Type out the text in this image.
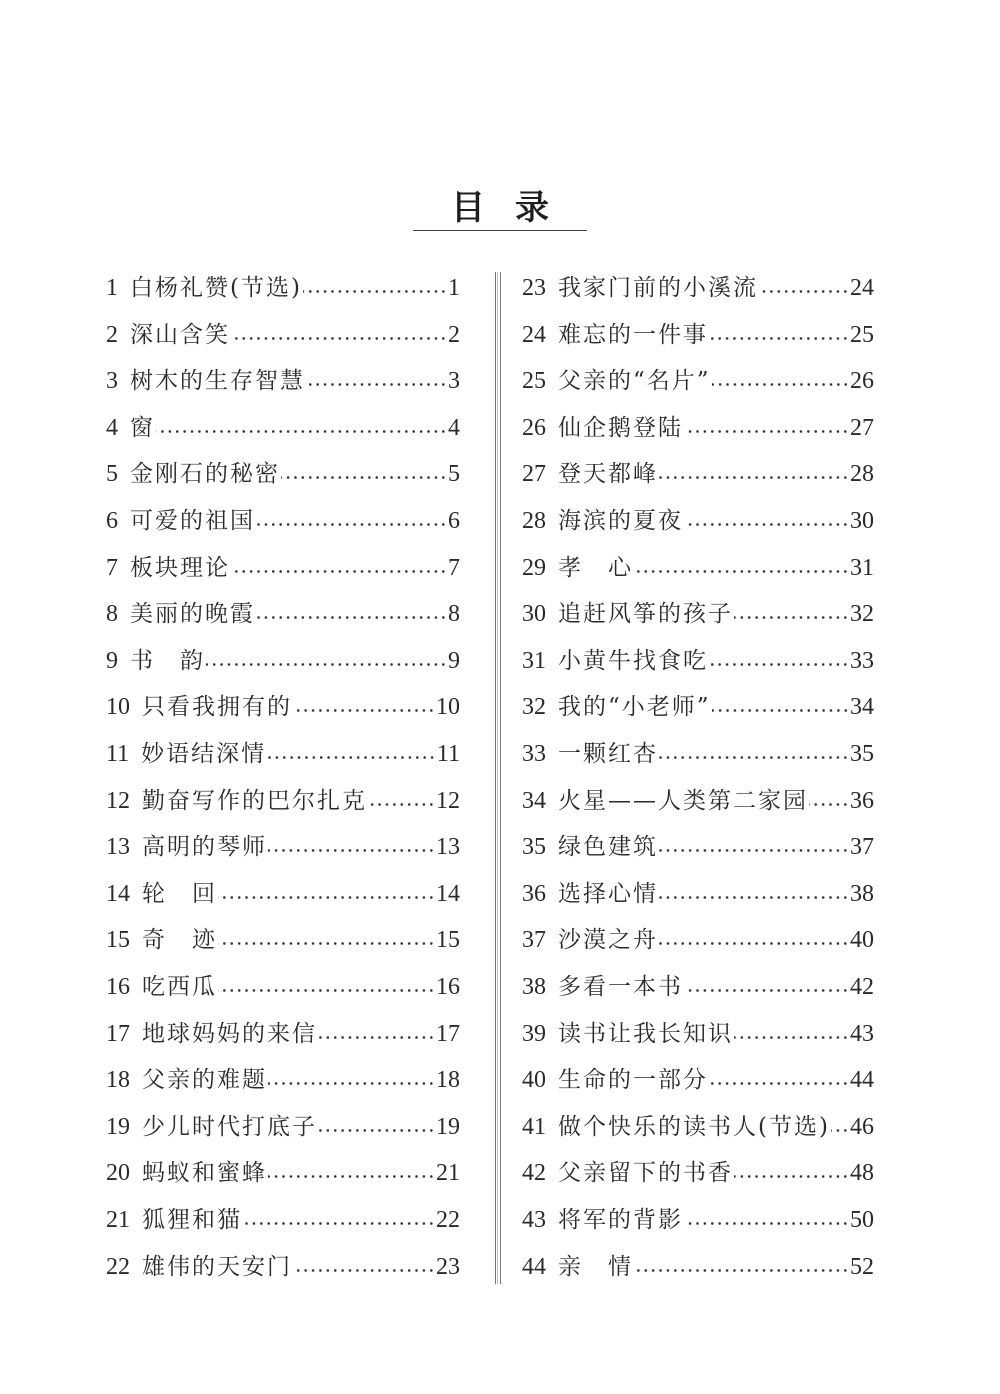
目录
1 白杨礼赞(节选)	1
2 深山含笑	2
3 树木的生存智慧	3
4 窗	4
5 金刚石的秘密	5
6 可爱的祖国	6
7 板块理论	7
8 美丽的晚霞	8
9 书　韵	9
10 只看我拥有的	10
11 妙语结深情	11
12 勤奋写作的巴尔扎克	12
13 高明的琴师	13
14 轮　回	14
15 奇　迹	15
16 吃西瓜	16
17 地球妈妈的来信	17
18 父亲的难题	18
19 少儿时代打底子	19
20 蚂蚁和蜜蜂	21
21 狐狸和猫	22
22 雄伟的天安门	23
23 我家门前的小溪流	24
24 难忘的一件事	25
25 父亲的“名片”	26
26 仙企鹅登陆	27
27 登天都峰	28
28 海滨的夏夜	30
29 孝　心	31
30 追赶风筝的孩子	32
31 小黄牛找食吃	33
32 我的“小老师”	34
33 一颗红杏	35
34 火星——人类第二家园 36
35 绿色建筑	37
36 选择心情	38
37 沙漠之舟	40
38 多看一本书	42
39 读书让我长知识	43
40 生命的一部分	44
41 做个快乐的读书人(节选) 46
42 父亲留下的书香	48
43 将军的背影	50
44 亲　情	52
